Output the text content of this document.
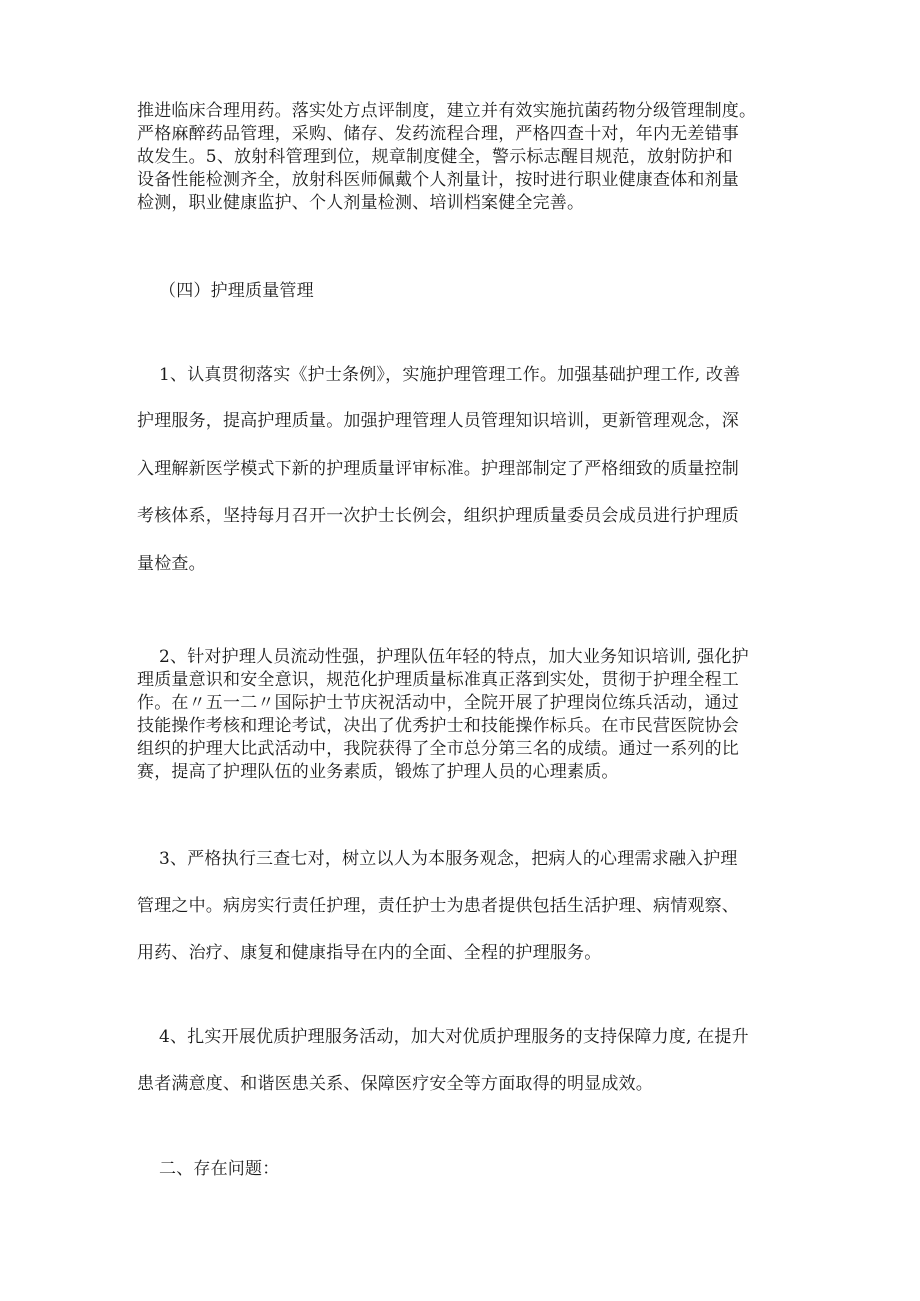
推进临床合理用药。落实处方点评制度，建立并有效实施抗菌药物分级管理制度。
严格麻醉药品管理，采购、储存、发药流程合理，严格四查十对，年内无差错事
故发生。5、放射科管理到位，规章制度健全，警示标志醒目规范，放射防护和
设备性能检测齐全，放射科医师佩戴个人剂量计，按时进行职业健康查体和剂量
检测，职业健康监护、个人剂量检测、培训档案健全完善。
（四）护理质量管理
1、认真贯彻落实《护士条例》，实施护理管理工作。加强基础护理工作, 改善
护理服务，提高护理质量。加强护理管理人员管理知识培训，更新管理观念，深
入理解新医学模式下新的护理质量评审标准。护理部制定了严格细致的质量控制
考核体系，坚持每月召开一次护士长例会，组织护理质量委员会成员进行护理质
量检查。
2、针对护理人员流动性强，护理队伍年轻的特点，加大业务知识培训, 强化护
理质量意识和安全意识，规范化护理质量标准真正落到实处，贯彻于护理全程工
作。在〃五一二〃国际护士节庆祝活动中，全院开展了护理岗位练兵活动，通过
技能操作考核和理论考试，决出了优秀护士和技能操作标兵。在市民营医院协会
组织的护理大比武活动中，我院获得了全市总分第三名的成绩。通过一系列的比
赛，提高了护理队伍的业务素质，锻炼了护理人员的心理素质。
3、严格执行三查七对，树立以人为本服务观念，把病人的心理需求融入护理
管理之中。病房实行责任护理，责任护士为患者提供包括生活护理、病情观察、
用药、治疗、康复和健康指导在内的全面、全程的护理服务。
4、扎实开展优质护理服务活动，加大对优质护理服务的支持保障力度, 在提升
患者满意度、和谐医患关系、保障医疗安全等方面取得的明显成效。
二、存在问题：
